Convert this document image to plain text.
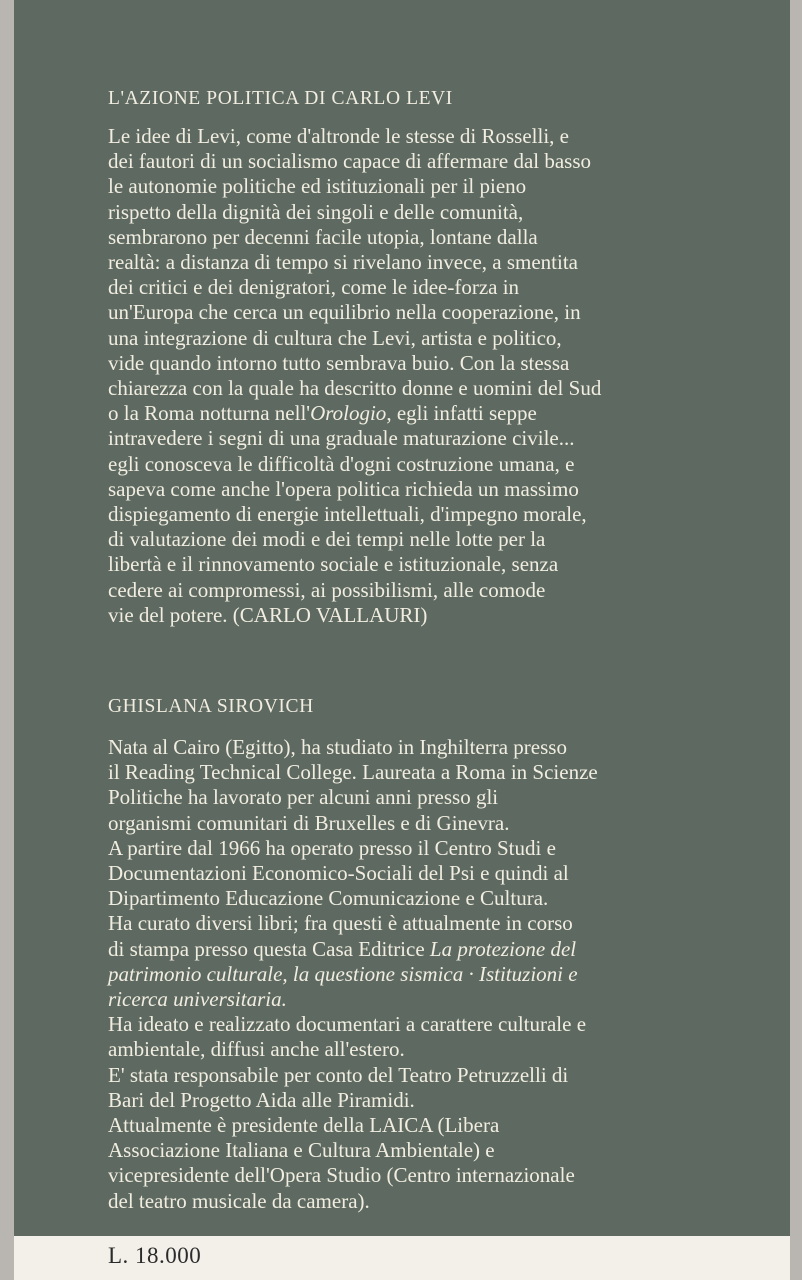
L'AZIONE POLITICA DI CARLO LEVI
Le idee di Levi, come d'altronde le stesse di Rosselli, e
dei fautori di un socialismo capace di affermare dal basso
le autonomie politiche ed istituzionali per il pieno
rispetto della dignità dei singoli e delle comunità,
sembrarono per decenni facile utopia, lontane dalla
realtà: a distanza di tempo si rivelano invece, a smentita
dei critici e dei denigratori, come le idee-forza in
un'Europa che cerca un equilibrio nella cooperazione, in
una integrazione di cultura che Levi, artista e politico,
vide quando intorno tutto sembrava buio. Con la stessa
chiarezza con la quale ha descritto donne e uomini del Sud
o la Roma notturna nell'Orologio, egli infatti seppe
intravedere i segni di una graduale maturazione civile...
egli conosceva le difficoltà d'ogni costruzione umana, e
sapeva come anche l'opera politica richieda un massimo
dispiegamento di energie intellettuali, d'impegno morale,
di valutazione dei modi e dei tempi nelle lotte per la
libertà e il rinnovamento sociale e istituzionale, senza
cedere ai compromessi, ai possibilismi, alle comode
vie del potere. (CARLO VALLAURI)
GHISLANA SIROVICH
Nata al Cairo (Egitto), ha studiato in Inghilterra presso
il Reading Technical College. Laureata a Roma in Scienze
Politiche ha lavorato per alcuni anni presso gli
organismi comunitari di Bruxelles e di Ginevra.
A partire dal 1966 ha operato presso il Centro Studi e
Documentazioni Economico-Sociali del Psi e quindi al
Dipartimento Educazione Comunicazione e Cultura.
Ha curato diversi libri; fra questi è attualmente in corso
di stampa presso questa Casa Editrice La protezione del
patrimonio culturale, la questione sismica · Istituzioni e
ricerca universitaria.
Ha ideato e realizzato documentari a carattere culturale e
ambientale, diffusi anche all'estero.
E' stata responsabile per conto del Teatro Petruzzelli di
Bari del Progetto Aida alle Piramidi.
Attualmente è presidente della LAICA (Libera
Associazione Italiana e Cultura Ambientale) e
vicepresidente dell'Opera Studio (Centro internazionale
del teatro musicale da camera).
L. 18.000
